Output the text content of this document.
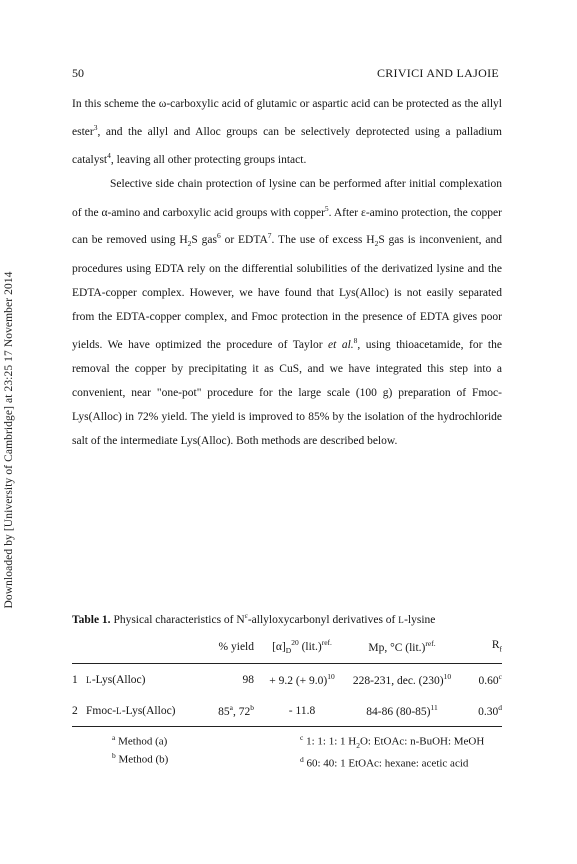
Downloaded by [University of Cambridge] at 23:25 17 November 2014
50	CRIVICI AND LAJOIE

In this scheme the ω-carboxylic acid of glutamic or aspartic acid can be protected as the allyl ester$^3$, and the allyl and Alloc groups can be selectively deprotected using a palladium catalyst$^4$, leaving all other protecting groups intact.

Selective side chain protection of lysine can be performed after initial complexation of the α-amino and carboxylic acid groups with copper$^5$. After ε-amino protection, the copper can be removed using $H_2S$ gas$^6$ or EDTA$^7$. The use of excess $H_2S$ gas is inconvenient, and procedures using EDTA rely on the differential solubilities of the derivatized lysine and the EDTA-copper complex. However, we have found that Lys(Alloc) is not easily separated from the EDTA-copper complex, and Fmoc protection in the presence of EDTA gives poor yields. We have optimized the procedure of Taylor et al.$^8$, using thioacetamide, for the removal the copper by precipitating it as CuS, and we have integrated this step into a convenient, near "one-pot" procedure for the large scale (100 g) preparation of Fmoc-Lys(Alloc) in 72% yield. The yield is improved to 85% by the isolation of the hydrochloride salt of the intermediate Lys(Alloc). Both methods are described below.

Table 1. Physical characteristics of $N^\varepsilon$-allyloxycarbonyl derivatives of L-lysine
		% yield	$[\alpha]_D^{20}$ $(lit.)^{ref.}$	Mp, °C $(lit.)^{ref.}$	$R_f$
1	L-Lys(Alloc)	98	+ 9.2 (+ 9.0)$^{10}$	228-231, dec. $(230)^{10}$	0.60$^c$
2	Fmoc-L-Lys(Alloc)	85$^a$, 72$^b$	- 11.8	84-86 $(80-85)^{11}$	0.30$^d$
$^a$ Method (a)
$^b$ Method (b)
$^c$ 1: 1: 1: 1 $H_2O$: EtOAc: n-BuOH: MeOH
$^d$ 60: 40: 1 EtOAc: hexane: acetic acid
